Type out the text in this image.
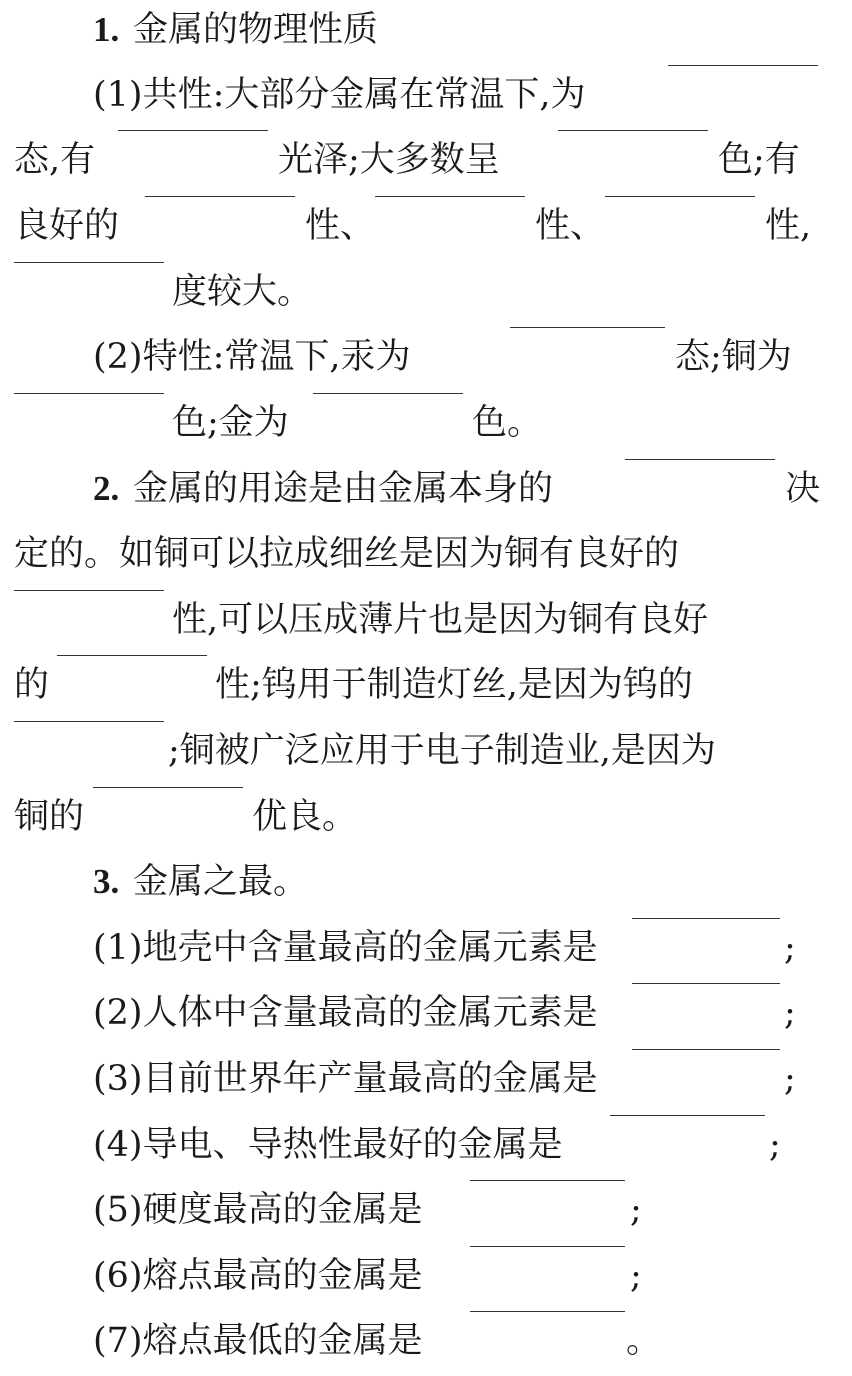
1. 金属的物理性质
(1)共性:大部分金属在常温下,为
态,有	光泽;大多数呈	色;有
良好的	性、	性、	性,
度较大。
(2)特性:常温下,汞为	态;铜为
色;金为	色。
2. 金属的用途是由金属本身的	决
定的。如铜可以拉成细丝是因为铜有良好的
性,可以压成薄片也是因为铜有良好
的	性;钨用于制造灯丝,是因为钨的
;铜被广泛应用于电子制造业,是因为
铜的	优良。
3. 金属之最。
(1)地壳中含量最高的金属元素是	;
(2)人体中含量最高的金属元素是	;
(3)目前世界年产量最高的金属是	;
(4)导电、导热性最好的金属是	;
(5)硬度最高的金属是	;
(6)熔点最高的金属是	;
(7)熔点最低的金属是	。
